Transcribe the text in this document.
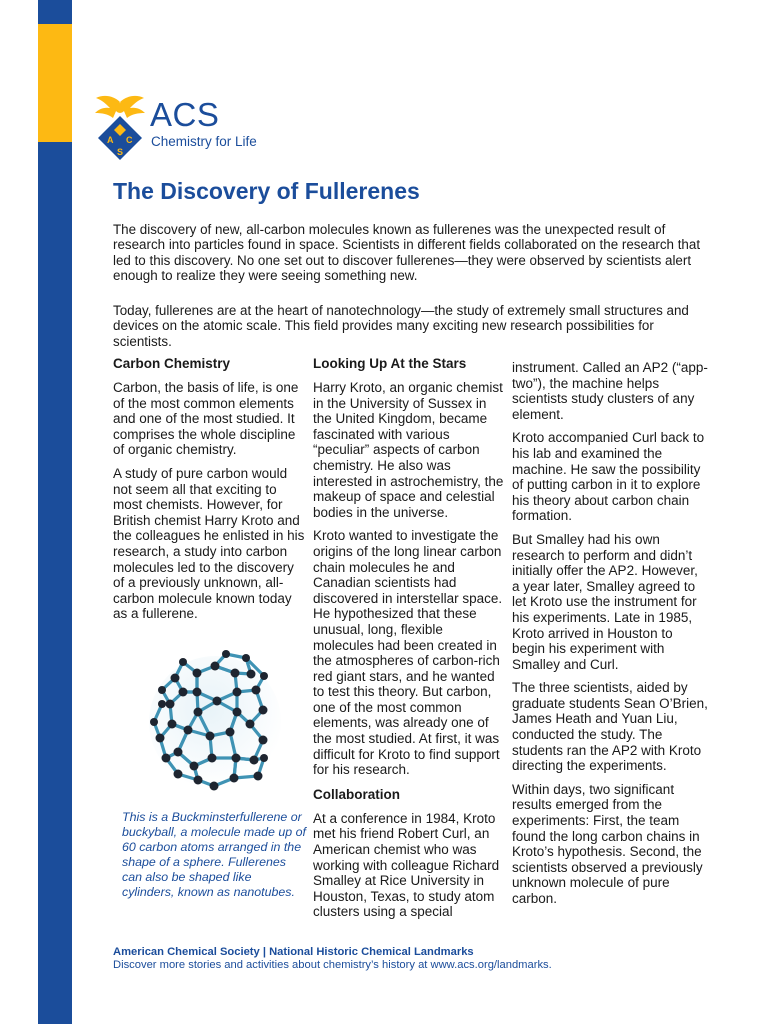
A C
S
ACS
Chemistry for Life
The Discovery of Fullerenes

The discovery of new, all-carbon molecules known as fullerenes was the unexpected result of research into particles found in space. Scientists in different fields collaborated on the research that led to this discovery. No one set out to discover fullerenes—they were observed by scientists alert enough to realize they were seeing something new.

Today, fullerenes are at the heart of nanotechnology—the study of extremely small structures and devices on the atomic scale. This field provides many exciting new research possibilities for scientists.

Carbon Chemistry

Carbon, the basis of life, is one of the most common elements and one of the most studied. It comprises the whole discipline of organic chemistry.

A study of pure carbon would not seem all that exciting to most chemists. However, for British chemist Harry Kroto and the colleagues he enlisted in his research, a study into carbon molecules led to the discovery of a previously unknown, all-carbon molecule known today as a fullerene.

This is a Buckminsterfullerene or buckyball, a molecule made up of 60 carbon atoms arranged in the shape of a sphere. Fullerenes can also be shaped like cylinders, known as nanotubes.

Looking Up At the Stars

Harry Kroto, an organic chemist in the University of Sussex in the United Kingdom, became fascinated with various “peculiar” aspects of carbon chemistry. He also was interested in astrochemistry, the makeup of space and celestial bodies in the universe.

Kroto wanted to investigate the origins of the long linear carbon chain molecules he and Canadian scientists had discovered in interstellar space. He hypothesized that these unusual, long, flexible molecules had been created in the atmospheres of carbon-rich red giant stars, and he wanted to test this theory. But carbon, one of the most common elements, was already one of the most studied. At first, it was difficult for Kroto to find support for his research.

Collaboration

At a conference in 1984, Kroto met his friend Robert Curl, an American chemist who was working with colleague Richard Smalley at Rice University in Houston, Texas, to study atom clusters using a special

instrument. Called an AP2 (“app-two”), the machine helps scientists study clusters of any element.

Kroto accompanied Curl back to his lab and examined the machine. He saw the possibility of putting carbon in it to explore his theory about carbon chain formation.

But Smalley had his own research to perform and didn’t initially offer the AP2. However, a year later, Smalley agreed to let Kroto use the instrument for his experiments. Late in 1985, Kroto arrived in Houston to begin his experiment with Smalley and Curl.

The three scientists, aided by graduate students Sean O’Brien, James Heath and Yuan Liu, conducted the study. The students ran the AP2 with Kroto directing the experiments.

Within days, two significant results emerged from the experiments: First, the team found the long carbon chains in Kroto’s hypothesis. Second, the scientists observed a previously unknown molecule of pure carbon.

American Chemical Society | National Historic Chemical Landmarks
Discover more stories and activities about chemistry’s history at www.acs.org/landmarks.
